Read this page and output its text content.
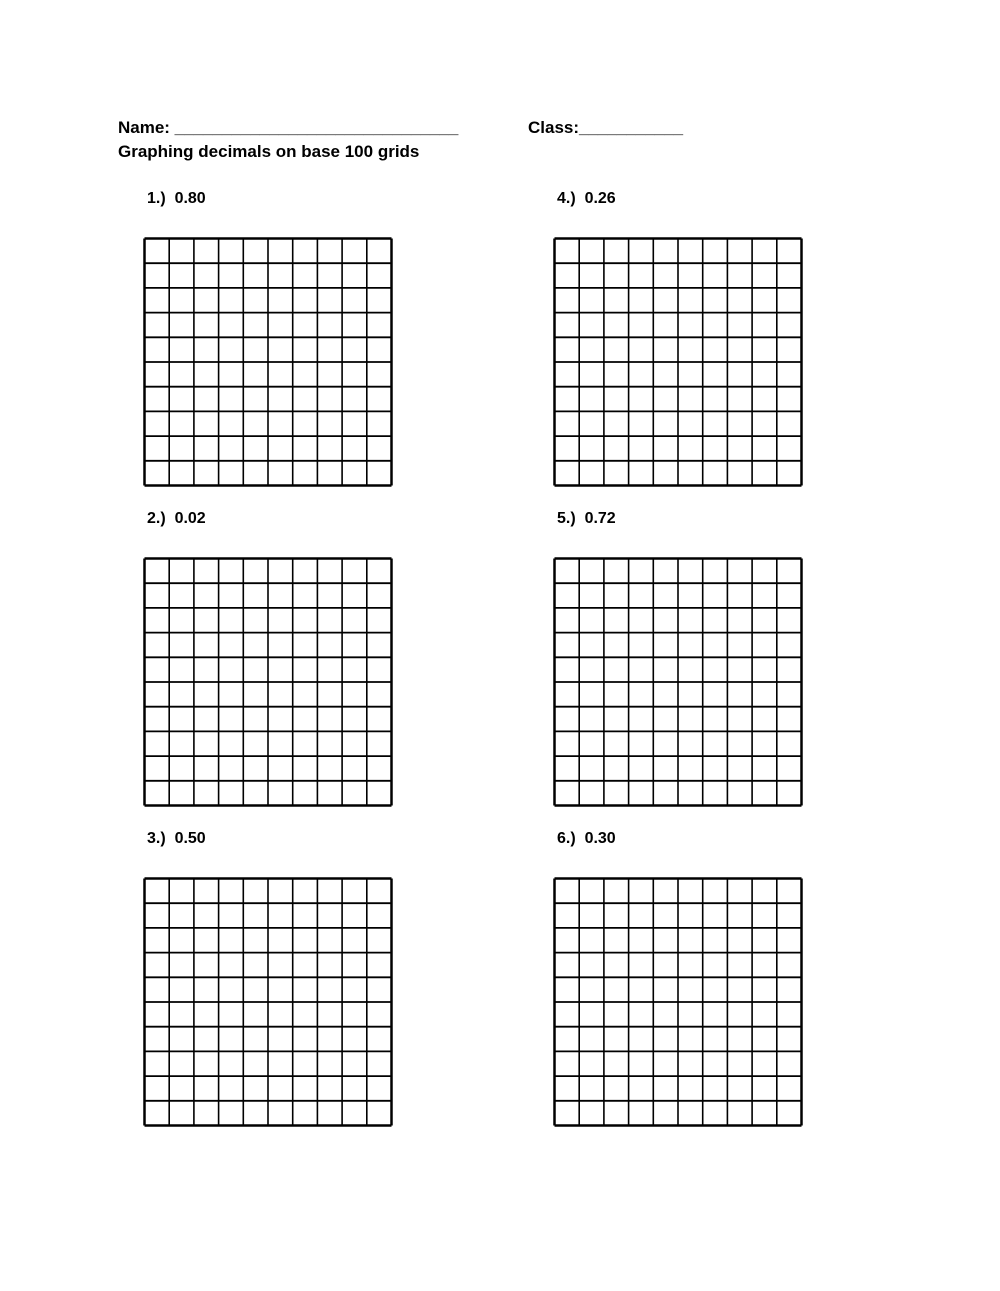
Name: ______________________________	Class:___________
Graphing decimals on base 100 grids
1.)  0.80
2.)  0.02
3.)  0.50
4.)  0.26
5.)  0.72
6.)  0.30
